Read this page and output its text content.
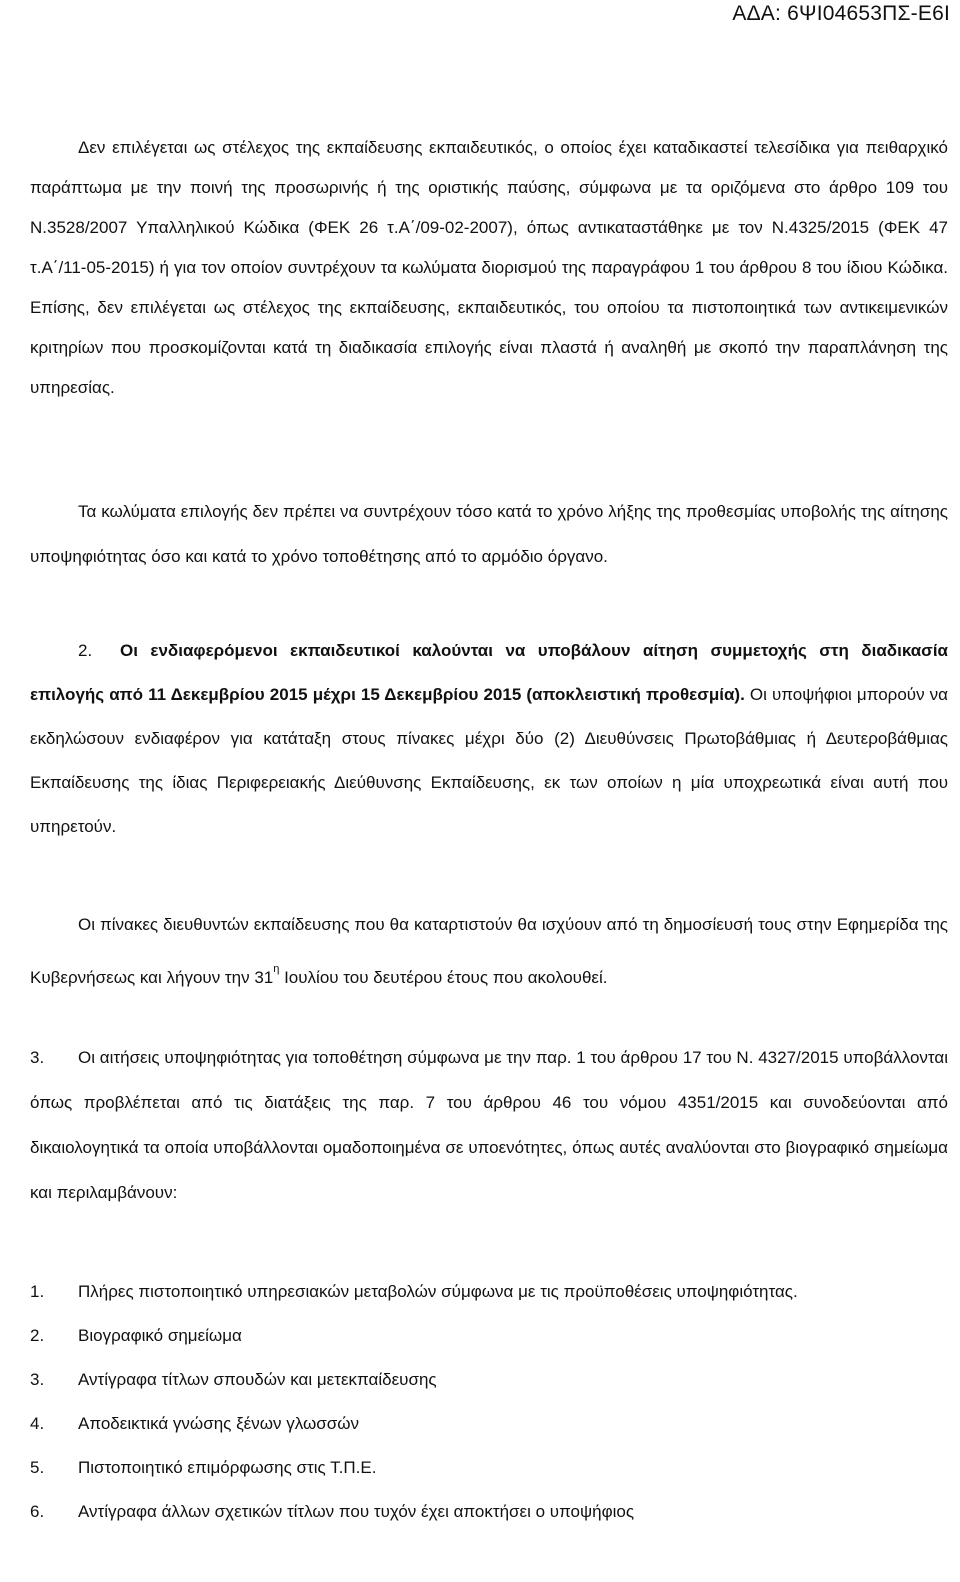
ΑΔΑ: 6ΨΙ04653ΠΣ-Ε6Ι

Δεν επιλέγεται ως στέλεχος της εκπαίδευσης εκπαιδευτικός, ο οποίος έχει καταδικαστεί τελεσίδικα για πειθαρχικό παράπτωμα με την ποινή της προσωρινής ή της οριστικής παύσης, σύμφωνα με τα οριζόμενα στο άρθρο 109 του Ν.3528/2007 Υπαλληλικού Κώδικα (ΦΕΚ 26 τ.Α΄/09-02-2007), όπως αντικαταστάθηκε με τον Ν.4325/2015 (ΦΕΚ 47 τ.Α΄/11-05-2015) ή για τον οποίον συντρέχουν τα κωλύματα διορισμού της παραγράφου 1 του άρθρου 8 του ίδιου Κώδικα. Επίσης, δεν επιλέγεται ως στέλεχος της εκπαίδευσης, εκπαιδευτικός, του οποίου τα πιστοποιητικά των αντικειμενικών κριτηρίων που προσκομίζονται κατά τη διαδικασία επιλογής είναι πλαστά ή αναληθή με σκοπό την παραπλάνηση της υπηρεσίας.

Τα κωλύματα επιλογής δεν πρέπει να συντρέχουν τόσο κατά το χρόνο λήξης της προθεσμίας υποβολής της αίτησης υποψηφιότητας όσο και κατά το χρόνο τοποθέτησης από το αρμόδιο όργανο.

2. Οι ενδιαφερόμενοι εκπαιδευτικοί καλούνται να υποβάλουν αίτηση συμμετοχής στη διαδικασία επιλογής από 11 Δεκεμβρίου 2015 μέχρι 15 Δεκεμβρίου 2015 (αποκλειστική προθεσμία). Οι υποψήφιοι μπορούν να εκδηλώσουν ενδιαφέρον για κατάταξη στους πίνακες μέχρι δύο (2) Διευθύνσεις Πρωτοβάθμιας ή Δευτεροβάθμιας Εκπαίδευσης της ίδιας Περιφερειακής Διεύθυνσης Εκπαίδευσης, εκ των οποίων η μία υποχρεωτικά είναι αυτή που υπηρετούν.

Οι πίνακες διευθυντών εκπαίδευσης που θα καταρτιστούν θα ισχύουν από τη δημοσίευσή τους στην Εφημερίδα της Κυβερνήσεως και λήγουν την $31^\eta$ Ιουλίου του δευτέρου έτους που ακολουθεί.

3. Οι αιτήσεις υποψηφιότητας για τοποθέτηση σύμφωνα με την παρ. 1 του άρθρου 17 του Ν. 4327/2015 υποβάλλονται όπως προβλέπεται από τις διατάξεις της παρ. 7 του άρθρου 46 του νόμου 4351/2015 και συνοδεύονται από δικαιολογητικά τα οποία υποβάλλονται ομαδοποιημένα σε υποενότητες, όπως αυτές αναλύονται στο βιογραφικό σημείωμα και περιλαμβάνουν:

1.	Πλήρες πιστοποιητικό υπηρεσιακών μεταβολών σύμφωνα με τις προϋποθέσεις υποψηφιότητας.
2.	Βιογραφικό σημείωμα
3.	Αντίγραφα τίτλων σπουδών και μετεκπαίδευσης
4.	Αποδεικτικά γνώσης ξένων γλωσσών
5.	Πιστοποιητικό επιμόρφωσης στις Τ.Π.Ε.
6.	Αντίγραφα άλλων σχετικών τίτλων που τυχόν έχει αποκτήσει ο υποψήφιος
